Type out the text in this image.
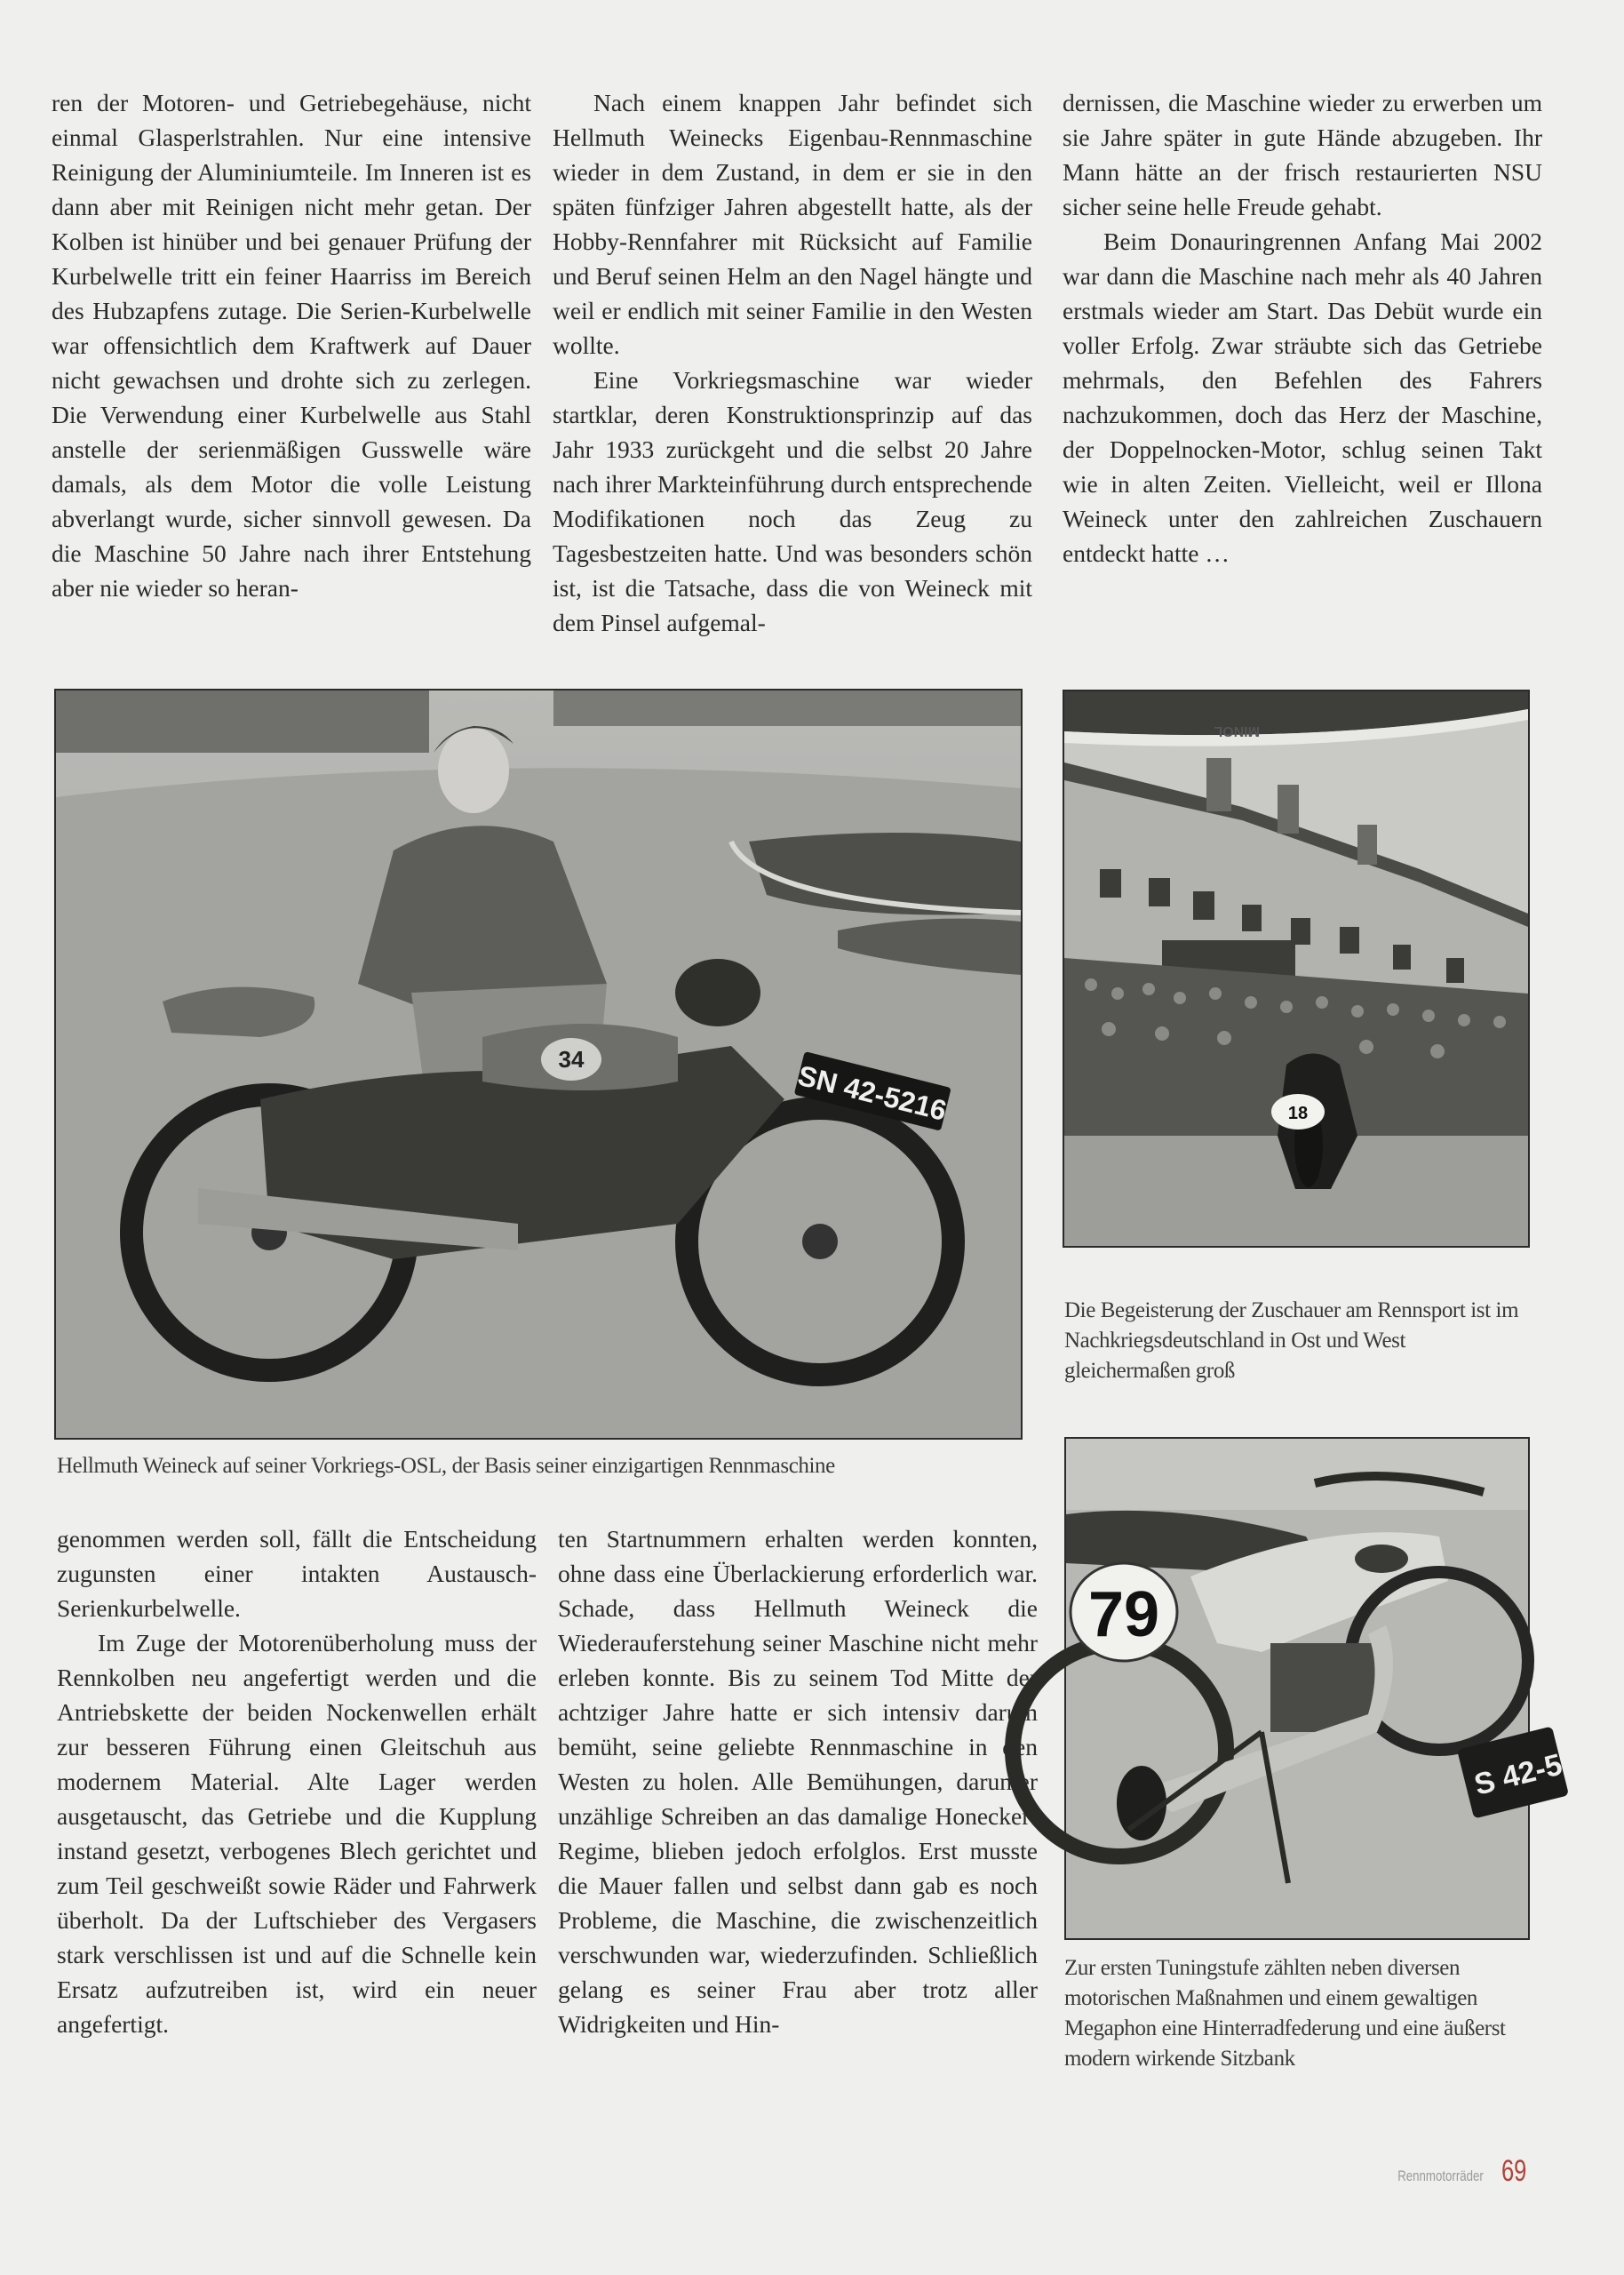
ren der Motoren- und Getriebegehäuse, nicht einmal Glasperlstrahlen. Nur eine intensive Reinigung der Aluminiumteile. Im Inneren ist es dann aber mit Reinigen nicht mehr getan. Der Kolben ist hinüber und bei genauer Prüfung der Kurbelwelle tritt ein feiner Haarriss im Bereich des Hubzapfens zutage. Die Serien-Kurbelwelle war offensichtlich dem Kraftwerk auf Dauer nicht gewachsen und drohte sich zu zerlegen. Die Verwendung einer Kurbelwelle aus Stahl anstelle der serienmäßigen Gusswelle wäre damals, als dem Motor die volle Leistung abverlangt wurde, sicher sinnvoll gewesen. Da die Maschine 50 Jahre nach ihrer Entstehung aber nie wieder so heran-

Nach einem knappen Jahr befindet sich Hellmuth Weinecks Eigenbau-Rennmaschine wieder in dem Zustand, in dem er sie in den späten fünfziger Jahren abgestellt hatte, als der Hobby-Rennfahrer mit Rücksicht auf Familie und Beruf seinen Helm an den Nagel hängte und weil er endlich mit seiner Familie in den Westen wollte.

Eine Vorkriegsmaschine war wieder startklar, deren Konstruktionsprinzip auf das Jahr 1933 zurückgeht und die selbst 20 Jahre nach ihrer Markteinführung durch entsprechende Modifikationen noch das Zeug zu Tagesbestzeiten hatte. Und was besonders schön ist, ist die Tatsache, dass die von Weineck mit dem Pinsel aufgemal-

dernissen, die Maschine wieder zu erwerben um sie Jahre später in gute Hände abzugeben. Ihr Mann hätte an der frisch restaurierten NSU sicher seine helle Freude gehabt.

Beim Donauringrennen Anfang Mai 2002 war dann die Maschine nach mehr als 40 Jahren erstmals wieder am Start. Das Debüt wurde ein voller Erfolg. Zwar sträubte sich das Getriebe mehrmals, den Befehlen des Fahrers nachzukommen, doch das Herz der Maschine, der Doppelnocken-Motor, schlug seinen Takt wie in alten Zeiten. Vielleicht, weil er Illona Weineck unter den zahlreichen Zuschauern entdeckt hatte …

34	SN 42-5216
MINOL
18
Die Begeisterung der Zuschauer am Rennsport ist im Nachkriegsdeutschland in Ost und West gleichermaßen groß
Hellmuth Weineck auf seiner Vorkriegs-OSL, der Basis seiner einzigartigen Rennmaschine
79
S 42-5
Zur ersten Tuningstufe zählten neben diversen motorischen Maßnahmen und einem gewaltigen Megaphon eine Hinterradfederung und eine äußerst modern wirkende Sitzbank

genommen werden soll, fällt die Entscheidung zugunsten einer intakten Austausch-Serienkurbelwelle.

Im Zuge der Motorenüberholung muss der Rennkolben neu angefertigt werden und die Antriebskette der beiden Nockenwellen erhält zur besseren Führung einen Gleitschuh aus modernem Material. Alte Lager werden ausgetauscht, das Getriebe und die Kupplung instand gesetzt, verbogenes Blech gerichtet und zum Teil geschweißt sowie Räder und Fahrwerk überholt. Da der Luftschieber des Vergasers stark verschlissen ist und auf die Schnelle kein Ersatz aufzutreiben ist, wird ein neuer angefertigt.

ten Startnummern erhalten werden konnten, ohne dass eine Überlackierung erforderlich war. Schade, dass Hellmuth Weineck die Wiederauferstehung seiner Maschine nicht mehr erleben konnte. Bis zu seinem Tod Mitte der achtziger Jahre hatte er sich intensiv darum bemüht, seine geliebte Rennmaschine in den Westen zu holen. Alle Bemühungen, darunter unzählige Schreiben an das damalige Honecker-Regime, blieben jedoch erfolglos. Erst musste die Mauer fallen und selbst dann gab es noch Probleme, die Maschine, die zwischenzeitlich verschwunden war, wiederzufinden. Schließlich gelang es seiner Frau aber trotz aller Widrigkeiten und Hin-

Rennmotorräder 69
